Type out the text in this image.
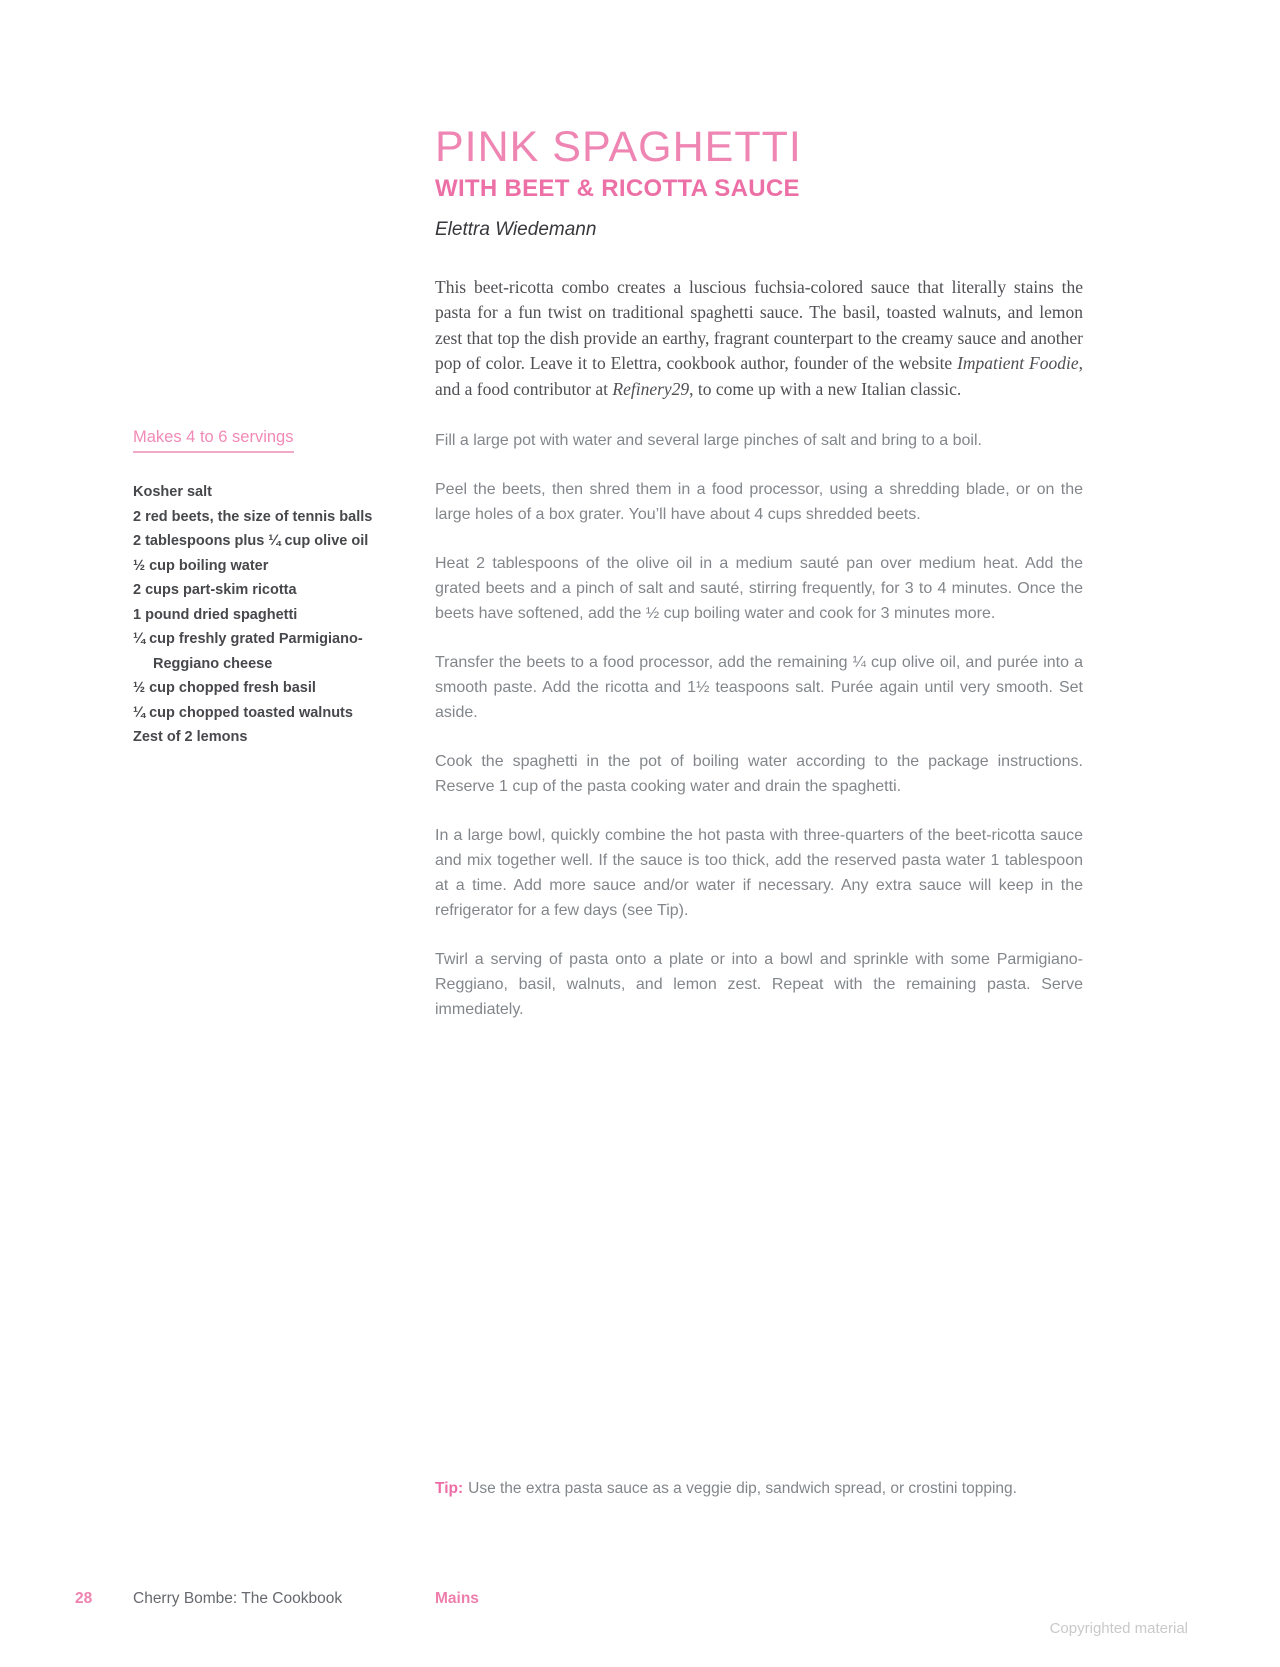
PINK SPAGHETTI
WITH BEET & RICOTTA SAUCE
Elettra Wiedemann

This beet-ricotta combo creates a luscious fuchsia-colored sauce that literally stains the pasta for a fun twist on traditional spaghetti sauce. The basil, toasted walnuts, and lemon zest that top the dish provide an earthy, fragrant counterpart to the creamy sauce and another pop of color. Leave it to Elettra, cookbook author, founder of the website Impatient Foodie, and a food contributor at Refinery29, to come up with a new Italian classic.

Makes 4 to 6 servings
Kosher salt
2 red beets, the size of tennis balls
2 tablespoons plus ¼ cup olive oil
½ cup boiling water
2 cups part-skim ricotta
1 pound dried spaghetti
¼ cup freshly grated Parmigiano-Reggiano cheese
½ cup chopped fresh basil
¼ cup chopped toasted walnuts
Zest of 2 lemons

Fill a large pot with water and several large pinches of salt and bring to a boil.

Peel the beets, then shred them in a food processor, using a shredding blade, or on the large holes of a box grater. You’ll have about 4 cups shredded beets.

Heat 2 tablespoons of the olive oil in a medium sauté pan over medium heat. Add the grated beets and a pinch of salt and sauté, stirring frequently, for 3 to 4 minutes. Once the beets have softened, add the ½ cup boiling water and cook for 3 minutes more.

Transfer the beets to a food processor, add the remaining ¼ cup olive oil, and purée into a smooth paste. Add the ricotta and 1½ teaspoons salt. Purée again until very smooth. Set aside.

Cook the spaghetti in the pot of boiling water according to the package instructions. Reserve 1 cup of the pasta cooking water and drain the spaghetti.

In a large bowl, quickly combine the hot pasta with three-quarters of the beet-ricotta sauce and mix together well. If the sauce is too thick, add the reserved pasta water 1 tablespoon at a time. Add more sauce and/or water if necessary. Any extra sauce will keep in the refrigerator for a few days (see Tip).

Twirl a serving of pasta onto a plate or into a bowl and sprinkle with some Parmigiano-Reggiano, basil, walnuts, and lemon zest. Repeat with the remaining pasta. Serve immediately.

Tip: Use the extra pasta sauce as a veggie dip, sandwich spread, or crostini topping.
28	Cherry Bombe: The Cookbook	Mains
Copyrighted material
